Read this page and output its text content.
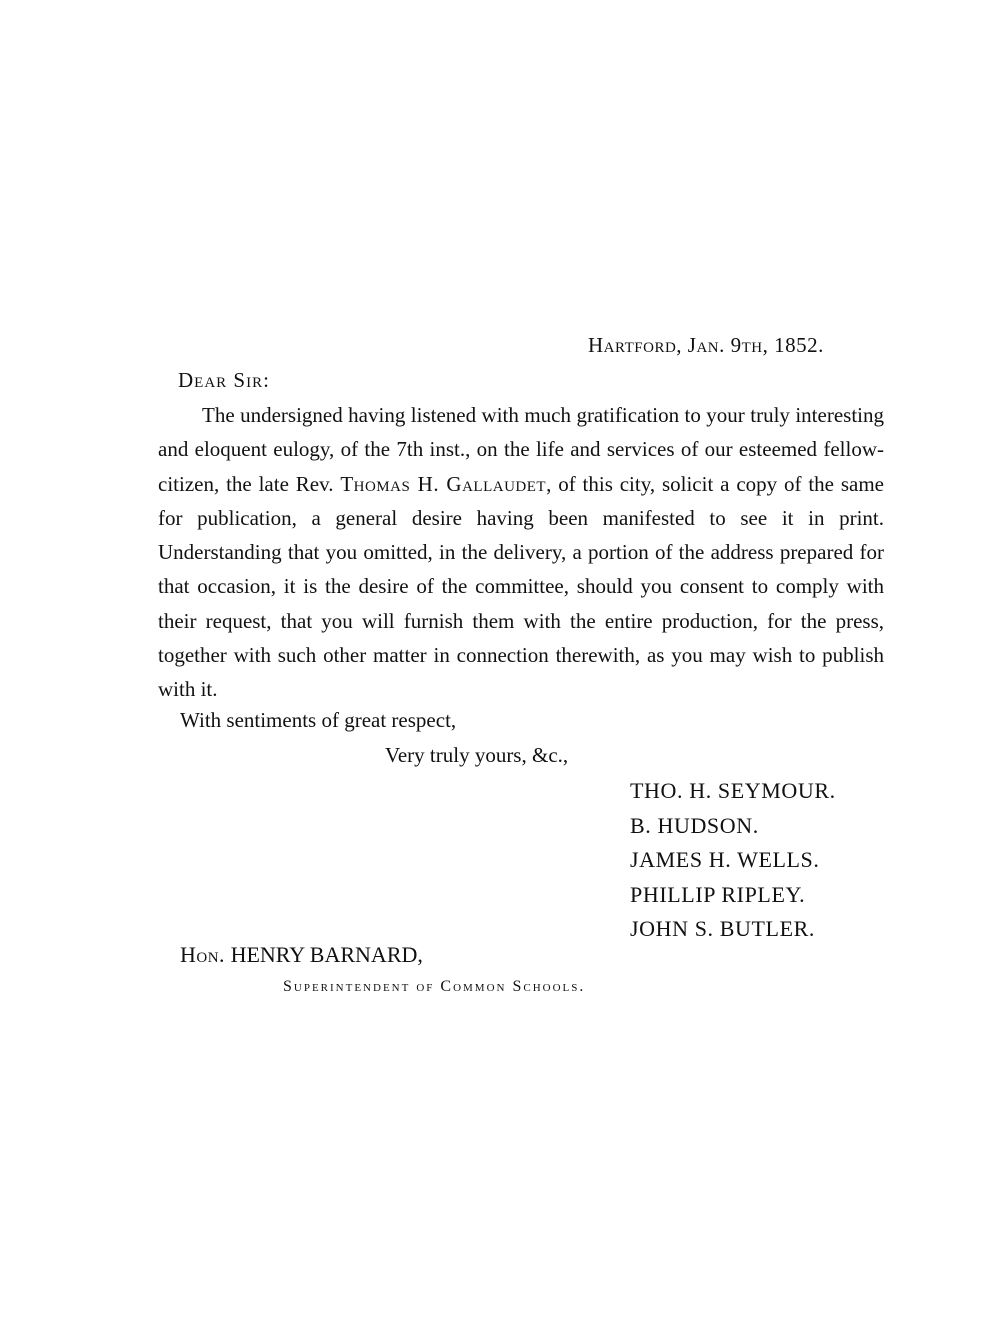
Hartford, Jan. 9th, 1852.
Dear Sir:

The undersigned having listened with much gratification to your truly interesting and eloquent eulogy, of the 7th inst., on the life and services of our esteemed fellow-citizen, the late Rev. Thomas H. Gallaudet, of this city, solicit a copy of the same for publication, a general desire having been manifested to see it in print. Understanding that you omitted, in the delivery, a portion of the address prepared for that occasion, it is the desire of the committee, should you consent to comply with their request, that you will furnish them with the entire production, for the press, together with such other matter in connection therewith, as you may wish to publish with it.

With sentiments of great respect,
Very truly yours, &c.,
THO. H. SEYMOUR.
B. HUDSON.
JAMES H. WELLS.
PHILLIP RIPLEY.
JOHN S. BUTLER.
Hon. HENRY BARNARD,
Superintendent of Common Schools.
